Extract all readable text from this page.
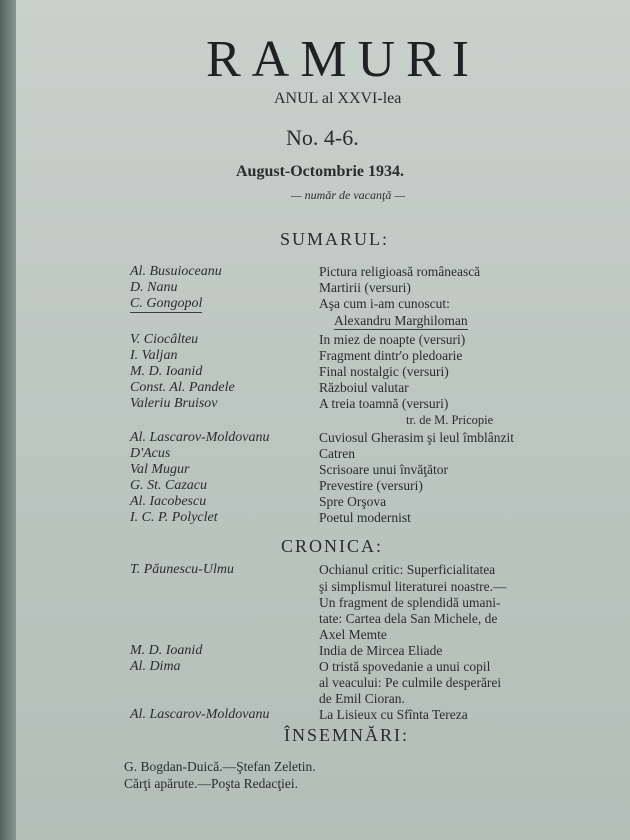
RAMURI
ANUL al XXVI-lea
No. 4-6.
August-Octombrie 1934.
— număr de vacanţă —
SUMARUL:
Al. Busuioceanu	Pictura religioasă românească
D. Nanu	Martirii (versuri)
C. Gongopol	Aşa cum i-am cunoscut:
Alexandru Marghiloman
V. Ciocâlteu	In miez de noapte (versuri)
I. Valjan	Fragment dintr'o pledoarie
M. D. Ioanid	Final nostalgic (versuri)
Const. Al. Pandele	Războiul valutar
Valeriu Bruisov	A treia toamnă (versuri)
tr. de M. Pricopie
Al. Lascarov-Moldovanu	Cuviosul Gherasim şi leul îmblânzit
D'Acus	Catren
Val Mugur	Scrisoare unui învăţător
G. St. Cazacu	Prevestire (versuri)
Al. Iacobescu	Spre Orşova
I. C. P. Polyclet	Poetul modernist
CRONICA:
T. Păunescu-Ulmu	Ochianul critic: Superficialitatea
şi simplismul literaturei noastre.—
Un fragment de splendidă umani-
tate: Cartea dela San Michele, de
Axel Memte
M. D. Ioanid	India de Mircea Eliade
Al. Dima	O tristă spovedanie a unui copil
al veacului: Pe culmile desperărei
de Emil Cioran.
Al. Lascarov-Moldovanu	La Lisieux cu Sfînta Tereza
ÎNSEMNĂRI:
G. Bogdan-Duică.—Ştefan Zeletin.
Cărţi apărute.—Poşta Redacţiei.
